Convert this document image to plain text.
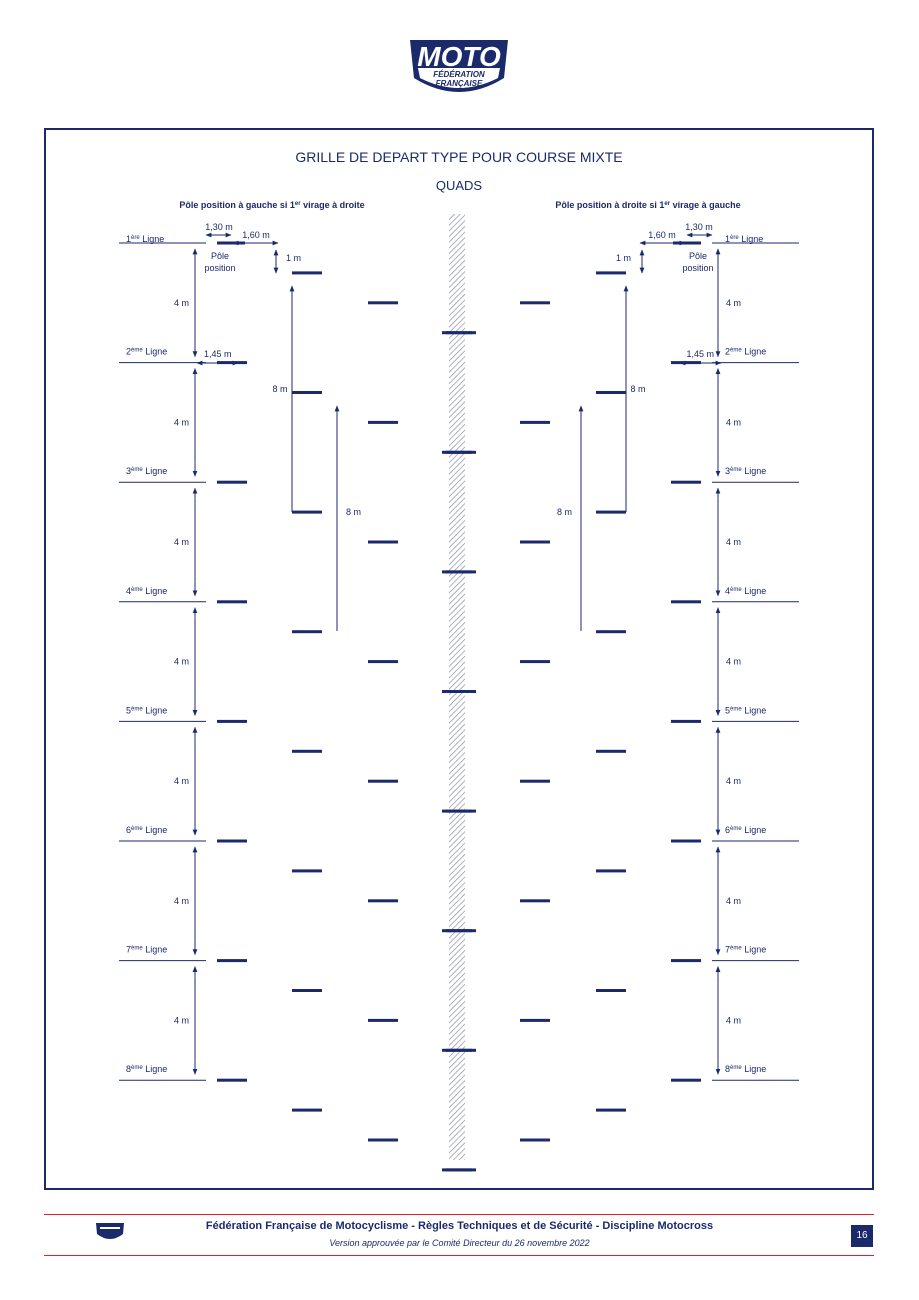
MOTO
FÉDÉRATION
FRANÇAISE
GRILLE DE DEPART TYPE POUR COURSE MIXTE
QUADS
Pôle position à gauche si 1er virage à droite	Pôle position à droite si 1er virage à gauche
1ère Ligne	1ère Ligne
2ème Ligne	2ème Ligne
3ème Ligne	3ème Ligne
4ème Ligne	4ème Ligne
5ème Ligne	5ème Ligne
6ème Ligne	6ème Ligne
7ème Ligne	7ème Ligne
8ème Ligne	8ème Ligne
4 m	4 m
4 m	4 m
4 m	4 m
4 m	4 m
4 m	4 m
4 m	4 m
4 m	4 m
1,30 m
1,60 m
1 m
Pôle
position
1,45 m
1,30 m
1,60 m
1 m	Pôle
position
1,45 m
8 m
8 m
8 m
8 m
Fédération Française de Motocyclisme - Règles Techniques et de Sécurité - Discipline Motocross
Version approuvée par le Comité Directeur du 26 novembre 2022
16
